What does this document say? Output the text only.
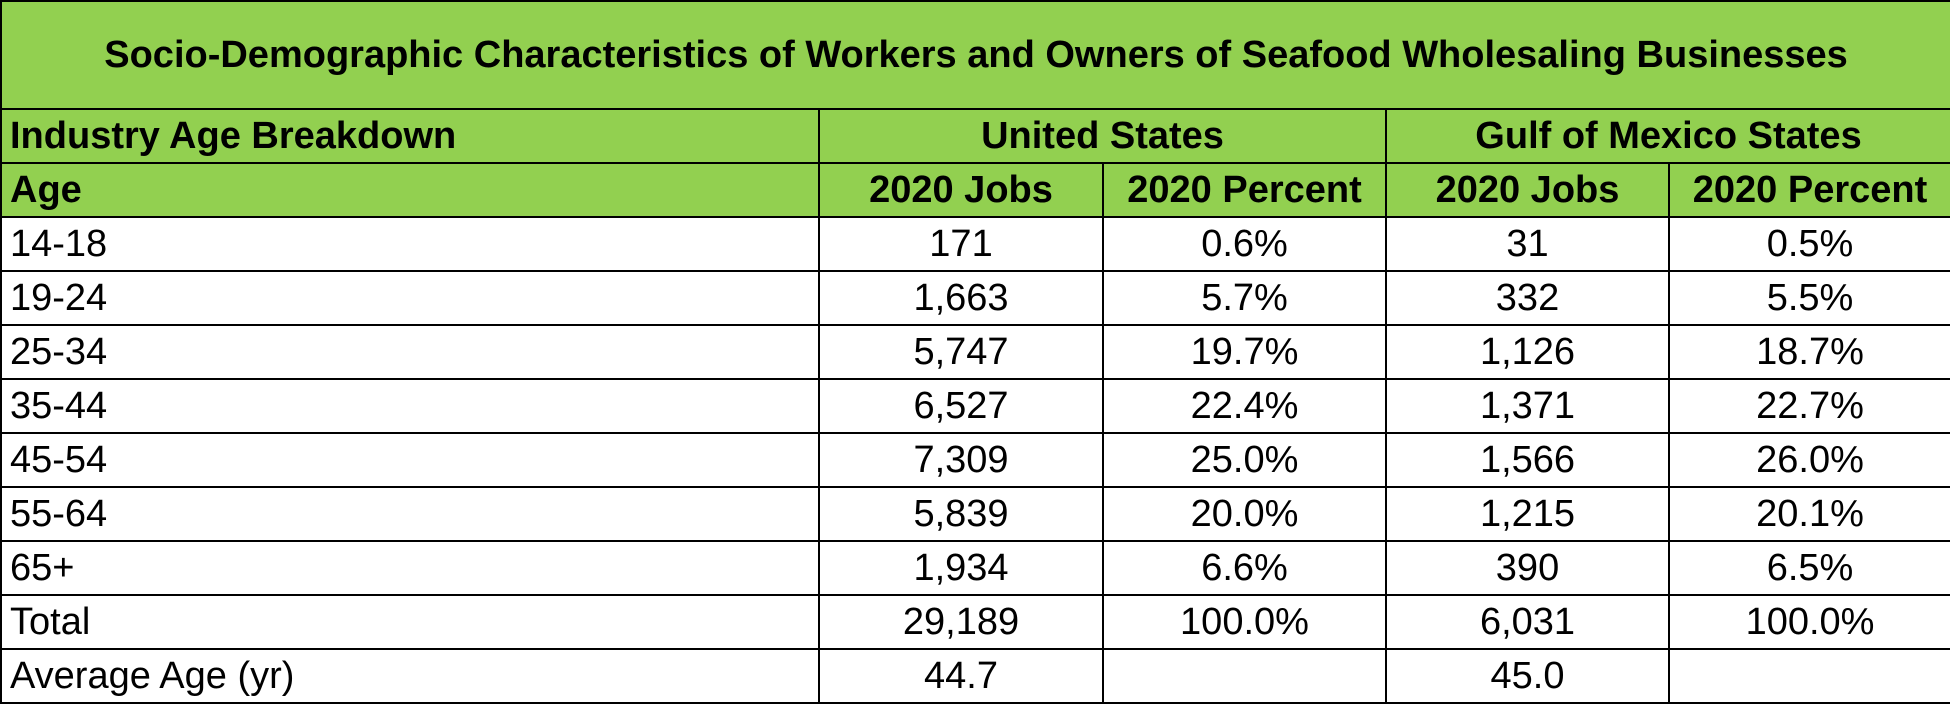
Socio-Demographic Characteristics of Workers and Owners of Seafood Wholesaling Businesses				
Industry Age Breakdown	United States		Gulf of Mexico States	
Age	2020 Jobs	2020 Percent	2020 Jobs	2020 Percent
14-18	171	0.6%	31	0.5%
19-24	1,663	5.7%	332	5.5%
25-34	5,747	19.7%	1,126	18.7%
35-44	6,527	22.4%	1,371	22.7%
45-54	7,309	25.0%	1,566	26.0%
55-64	5,839	20.0%	1,215	20.1%
65+	1,934	6.6%	390	6.5%
Total	29,189	100.0%	6,031	100.0%
Average Age (yr)	44.7		45.0	
